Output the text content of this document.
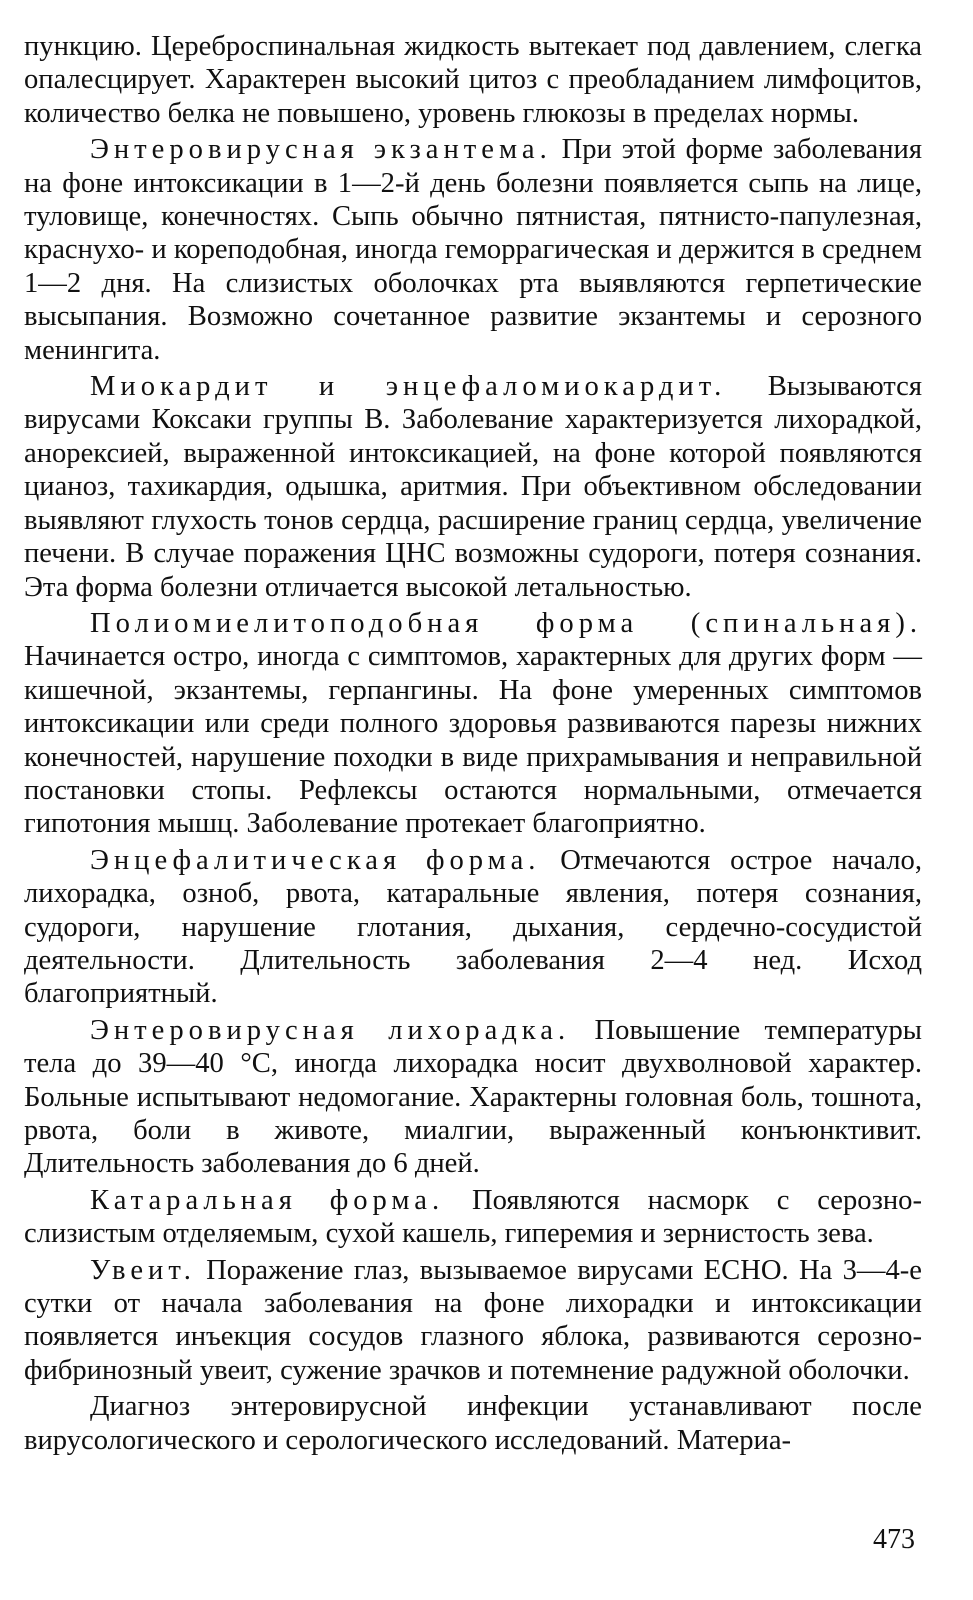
пункцию. Цереброспинальная жидкость вытекает под давлением, слегка опалесцирует. Характерен высокий цитоз с преобладанием лимфоцитов, количество белка не повышено, уровень глюкозы в пределах нормы.

Энтеровирусная экзантема. При этой форме заболевания на фоне интоксикации в 1—2-й день болезни появляется сыпь на лице, туловище, конечностях. Сыпь обычно пятнистая, пятнисто-папулезная, краснухо- и кореподобная, иногда геморрагическая и держится в среднем 1—2 дня. На слизистых оболочках рта выявляются герпетические высыпания. Возможно сочетанное развитие экзантемы и серозного менингита.

Миокардит и энцефаломиокардит. Вызываются вирусами Коксаки группы В. Заболевание характеризуется лихорадкой, анорексией, выраженной интоксикацией, на фоне которой появляются цианоз, тахикардия, одышка, аритмия. При объективном обследовании выявляют глухость тонов сердца, расширение границ сердца, увеличение печени. В случае поражения ЦНС возможны судороги, потеря сознания. Эта форма болезни отличается высокой летальностью.

Полиомиелитоподобная форма (спинальная). Начинается остро, иногда с симптомов, характерных для других форм — кишечной, экзантемы, герпангины. На фоне умеренных симптомов интоксикации или среди полного здоровья развиваются парезы нижних конечностей, нарушение походки в виде прихрамывания и неправильной постановки стопы. Рефлексы остаются нормальными, отмечается гипотония мышц. Заболевание протекает благоприятно.

Энцефалитическая форма. Отмечаются острое начало, лихорадка, озноб, рвота, катаральные явления, потеря сознания, судороги, нарушение глотания, дыхания, сердечно-сосудистой деятельности. Длительность заболевания 2—4 нед. Исход благоприятный.

Энтеровирусная лихорадка. Повышение температуры тела до 39—40 °С, иногда лихорадка носит двухволновой характер. Больные испытывают недомогание. Характерны головная боль, тошнота, рвота, боли в животе, миалгии, выраженный конъюнктивит. Длительность заболевания до 6 дней.

Катаральная форма. Появляются насморк с серозно-слизистым отделяемым, сухой кашель, гиперемия и зернистость зева.

Увеит. Поражение глаз, вызываемое вирусами ЕСНО. На 3—4-е сутки от начала заболевания на фоне лихорадки и интоксикации появляется инъекция сосудов глазного яблока, развиваются серозно-фибринозный увеит, сужение зрачков и потемнение радужной оболочки.

Диагноз энтеровирусной инфекции устанавливают после вирусологического и серологического исследований. Материа-

473
